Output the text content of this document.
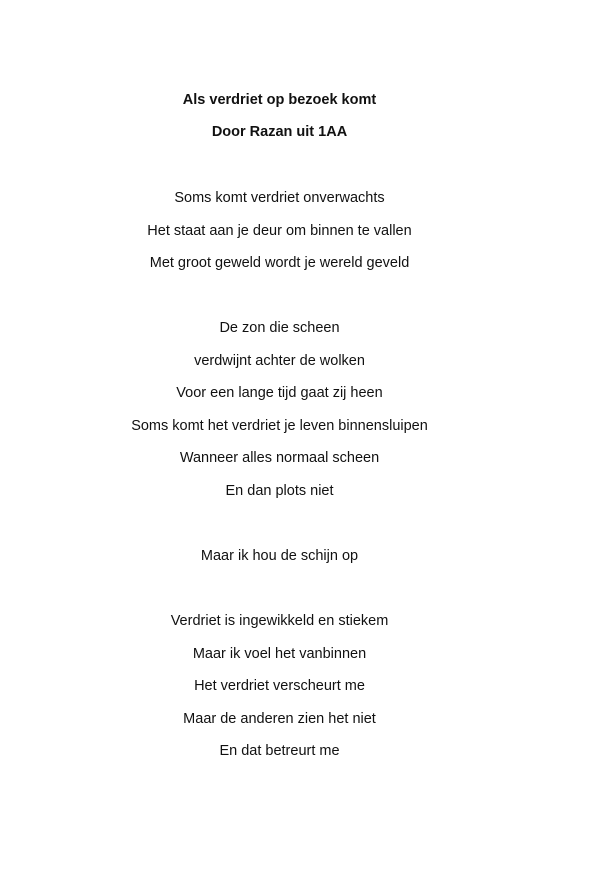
Als verdriet op bezoek komt
Door Razan uit 1AA
Soms komt verdriet onverwachts
Het staat aan je deur om binnen te vallen
Met groot geweld wordt je wereld geveld
De zon die scheen
verdwijnt achter de wolken
Voor een lange tijd gaat zij heen
Soms komt het verdriet je leven binnensluipen
Wanneer alles normaal scheen
En dan plots niet
Maar ik hou de schijn op
Verdriet is ingewikkeld en stiekem
Maar ik voel het vanbinnen
Het verdriet verscheurt me
Maar de anderen zien het niet
En dat betreurt me
